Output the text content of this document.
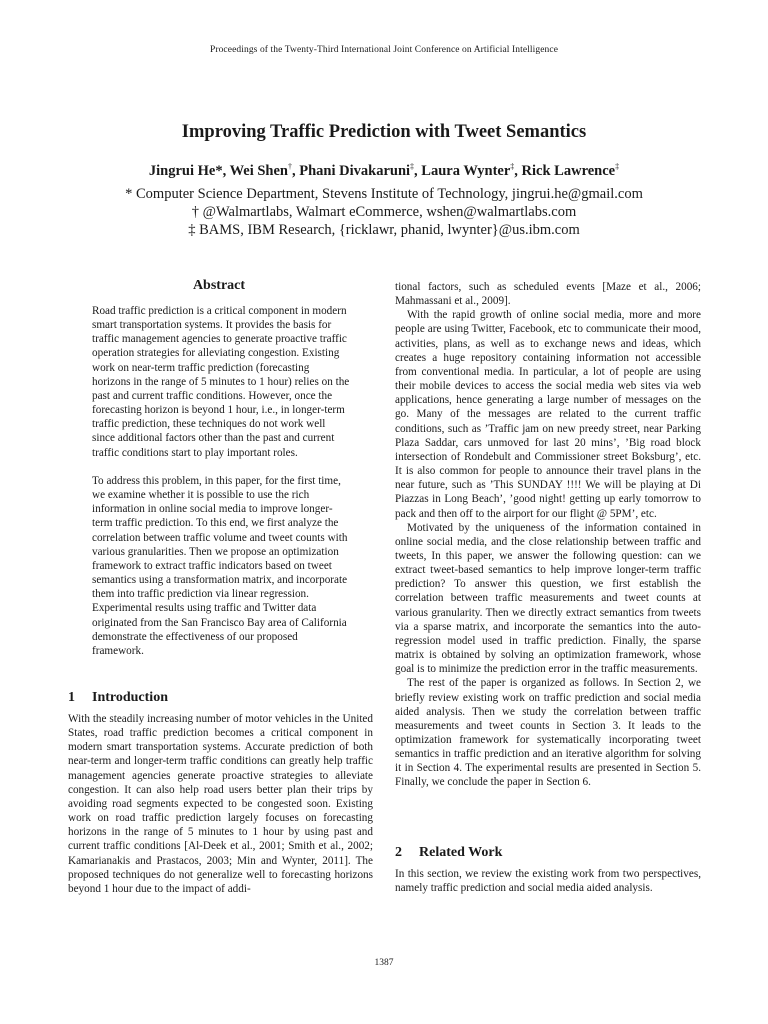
Proceedings of the Twenty-Third International Joint Conference on Artificial Intelligence
Improving Traffic Prediction with Tweet Semantics
Jingrui He*, Wei Shen†, Phani Divakaruni‡, Laura Wynter‡, Rick Lawrence‡
* Computer Science Department, Stevens Institute of Technology, jingrui.he@gmail.com
† @Walmartlabs, Walmart eCommerce, wshen@walmartlabs.com
‡ BAMS, IBM Research, {ricklawr, phanid, lwynter}@us.ibm.com
Abstract

Road traffic prediction is a critical component in modern smart transportation systems. It provides the basis for traffic management agencies to generate proactive traffic operation strategies for alleviating congestion. Existing work on near-term traffic prediction (forecasting horizons in the range of 5 minutes to 1 hour) relies on the past and current traffic conditions. However, once the forecasting horizon is beyond 1 hour, i.e., in longer-term traffic prediction, these techniques do not work well since additional factors other than the past and current traffic conditions start to play important roles.

To address this problem, in this paper, for the first time, we examine whether it is possible to use the rich information in online social media to improve longer-term traffic prediction. To this end, we first analyze the correlation between traffic volume and tweet counts with various granularities. Then we propose an optimization framework to extract traffic indicators based on tweet semantics using a transformation matrix, and incorporate them into traffic prediction via linear regression. Experimental results using traffic and Twitter data originated from the San Francisco Bay area of California demonstrate the effectiveness of our proposed framework.

1 Introduction

With the steadily increasing number of motor vehicles in the United States, road traffic prediction becomes a critical component in modern smart transportation systems. Accurate prediction of both near-term and longer-term traffic conditions can greatly help traffic management agencies generate proactive strategies to alleviate congestion. It can also help road users better plan their trips by avoiding road segments expected to be congested soon. Existing work on road traffic prediction largely focuses on forecasting horizons in the range of 5 minutes to 1 hour by using past and current traffic conditions [Al-Deek et al., 2001; Smith et al., 2002; Kamarianakis and Prastacos, 2003; Min and Wynter, 2011]. The proposed techniques do not generalize well to forecasting horizons beyond 1 hour due to the impact of addi-

tional factors, such as scheduled events [Maze et al., 2006; Mahmassani et al., 2009].

With the rapid growth of online social media, more and more people are using Twitter, Facebook, etc to communicate their mood, activities, plans, as well as to exchange news and ideas, which creates a huge repository containing information not accessible from conventional media. In particular, a lot of people are using their mobile devices to access the social media web sites via web applications, hence generating a large number of messages on the go. Many of the messages are related to the current traffic conditions, such as ’Traffic jam on new preedy street, near Parking Plaza Saddar, cars unmoved for last 20 mins’, ’Big road block intersection of Rondebult and Commissioner street Boksburg’, etc. It is also common for people to announce their travel plans in the near future, such as ’This SUNDAY !!!! We will be playing at Di Piazzas in Long Beach’, ’good night! getting up early tomorrow to pack and then off to the airport for our flight @ 5PM’, etc.

Motivated by the uniqueness of the information contained in online social media, and the close relationship between traffic and tweets, In this paper, we answer the following question: can we extract tweet-based semantics to help improve longer-term traffic prediction? To answer this question, we first establish the correlation between traffic measurements and tweet counts at various granularity. Then we directly extract semantics from tweets via a sparse matrix, and incorporate the semantics into the auto-regression model used in traffic prediction. Finally, the sparse matrix is obtained by solving an optimization framework, whose goal is to minimize the prediction error in the traffic measurements.

The rest of the paper is organized as follows. In Section 2, we briefly review existing work on traffic prediction and social media aided analysis. Then we study the correlation between traffic measurements and tweet counts in Section 3. It leads to the optimization framework for systematically incorporating tweet semantics in traffic prediction and an iterative algorithm for solving it in Section 4. The experimental results are presented in Section 5. Finally, we conclude the paper in Section 6.

2 Related Work

In this section, we review the existing work from two perspectives, namely traffic prediction and social media aided analysis.

1387
